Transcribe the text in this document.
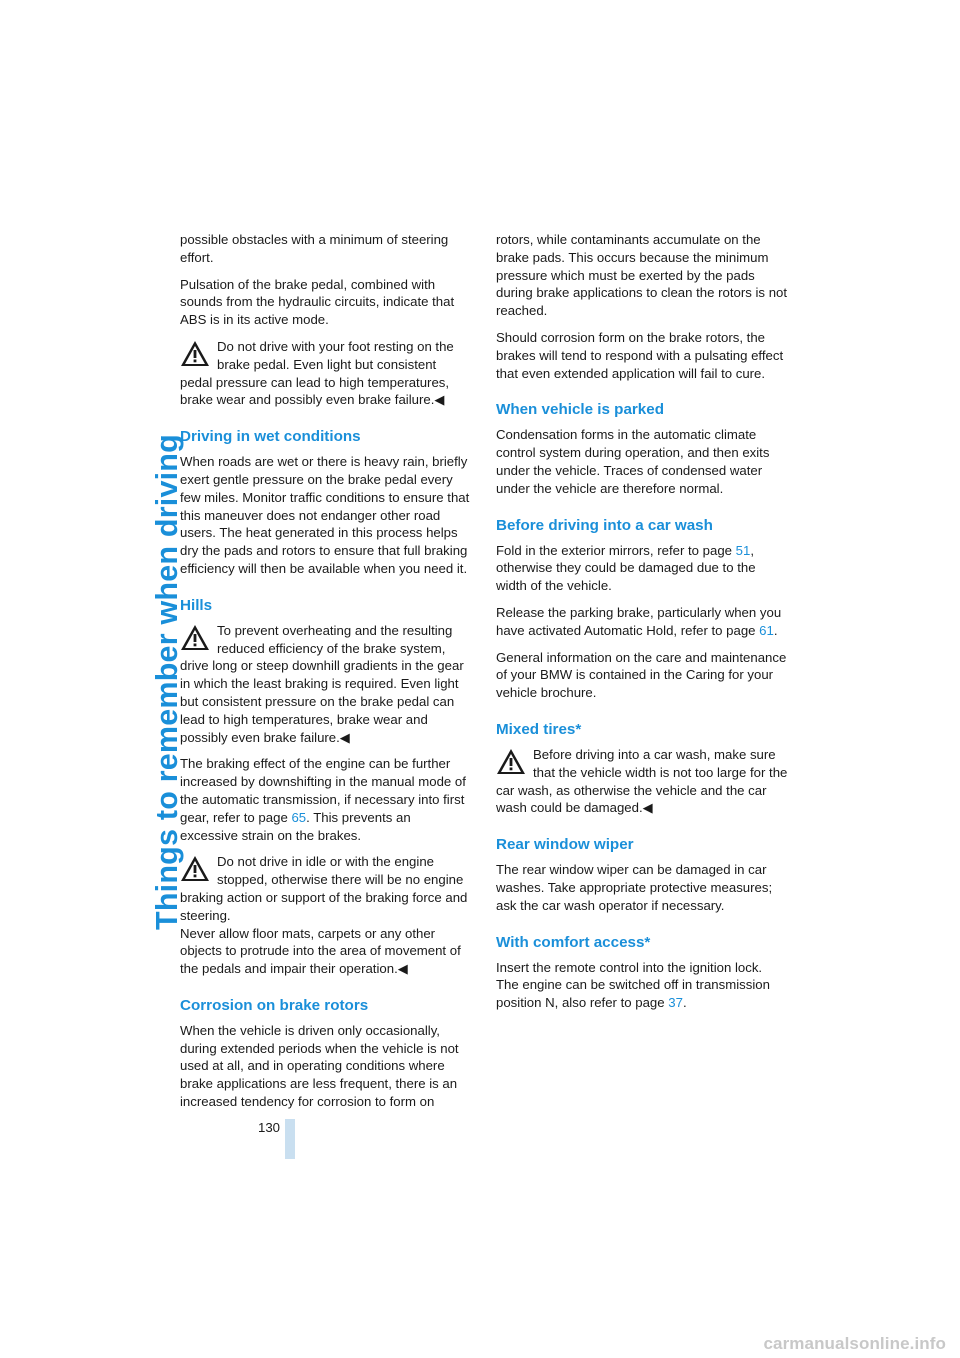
Things to remember when driving

possible obstacles with a minimum of steering effort.

Pulsation of the brake pedal, combined with sounds from the hydraulic circuits, indicate that ABS is in its active mode.

Do not drive with your foot resting on the brake pedal. Even light but consistent pedal pressure can lead to high temperatures, brake wear and possibly even brake failure.◀

Driving in wet conditions

When roads are wet or there is heavy rain, briefly exert gentle pressure on the brake pedal every few miles. Monitor traffic conditions to ensure that this maneuver does not endanger other road users. The heat generated in this process helps dry the pads and rotors to ensure that full braking efficiency will then be available when you need it.

Hills

To prevent overheating and the resulting reduced efficiency of the brake system, drive long or steep downhill gradients in the gear in which the least braking is required. Even light but consistent pressure on the brake pedal can lead to high temperatures, brake wear and possibly even brake failure.◀

The braking effect of the engine can be further increased by downshifting in the manual mode of the automatic transmission, if necessary into first gear, refer to page 65. This prevents an excessive strain on the brakes.

Do not drive in idle or with the engine stopped, otherwise there will be no engine braking action or support of the braking force and steering.

Never allow floor mats, carpets or any other objects to protrude into the area of movement of the pedals and impair their operation.◀

Corrosion on brake rotors

When the vehicle is driven only occasionally, during extended periods when the vehicle is not used at all, and in operating conditions where brake applications are less frequent, there is an increased tendency for corrosion to form on

rotors, while contaminants accumulate on the brake pads. This occurs because the minimum pressure which must be exerted by the pads during brake applications to clean the rotors is not reached.

Should corrosion form on the brake rotors, the brakes will tend to respond with a pulsating effect that even extended application will fail to cure.

When vehicle is parked

Condensation forms in the automatic climate control system during operation, and then exits under the vehicle. Traces of condensed water under the vehicle are therefore normal.

Before driving into a car wash

Fold in the exterior mirrors, refer to page 51, otherwise they could be damaged due to the width of the vehicle.

Release the parking brake, particularly when you have activated Automatic Hold, refer to page 61.

General information on the care and maintenance of your BMW is contained in the Caring for your vehicle brochure.

Mixed tires*

Before driving into a car wash, make sure that the vehicle width is not too large for the car wash, as otherwise the vehicle and the car wash could be damaged.◀

Rear window wiper

The rear window wiper can be damaged in car washes. Take appropriate protective measures; ask the car wash operator if necessary.

With comfort access*

Insert the remote control into the ignition lock. The engine can be switched off in transmission position N, also refer to page 37.

130
carmanualsonline.info
